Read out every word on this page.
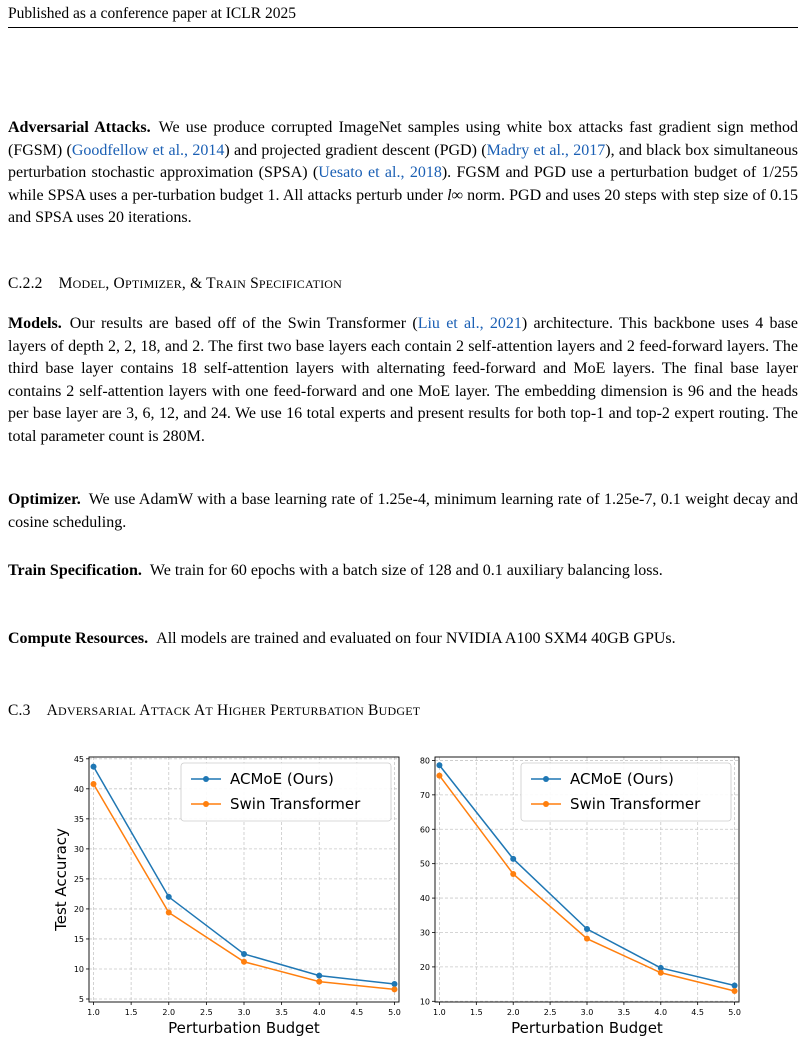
Published as a conference paper at ICLR 2025
Adversarial Attacks. We use produce corrupted ImageNet samples using white box attacks fast gradient sign method (FGSM) (Goodfellow et al., 2014) and projected gradient descent (PGD) (Madry et al., 2017), and black box simultaneous perturbation stochastic approximation (SPSA) (Uesato et al., 2018). FGSM and PGD use a perturbation budget of 1/255 while SPSA uses a per-turbation budget 1. All attacks perturb under l∞ norm. PGD and uses 20 steps with step size of 0.15 and SPSA uses 20 iterations.
C.2.2 MODEL, OPTIMIZER, & TRAIN SPECIFICATION
Models. Our results are based off of the Swin Transformer (Liu et al., 2021) architecture. This backbone uses 4 base layers of depth 2, 2, 18, and 2. The first two base layers each contain 2 self-attention layers and 2 feed-forward layers. The third base layer contains 18 self-attention layers with alternating feed-forward and MoE layers. The final base layer contains 2 self-attention layers with one feed-forward and one MoE layer. The embedding dimension is 96 and the heads per base layer are 3, 6, 12, and 24. We use 16 total experts and present results for both top-1 and top-2 expert routing. The total parameter count is 280M.
Optimizer. We use AdamW with a base learning rate of 1.25e-4, minimum learning rate of 1.25e-7, 0.1 weight decay and cosine scheduling.
Train Specification. We train for 60 epochs with a batch size of 128 and 0.1 auxiliary balancing loss.
Compute Resources. All models are trained and evaluated on four NVIDIA A100 SXM4 40GB GPUs.
C.3 ADVERSARIAL ATTACK AT HIGHER PERTURBATION BUDGET
1.0	1.5	2.0	2.5	3.0	3.5	4.0	4.5	5.0
5
10
15
20
25
30
35
40
45
Perturbation Budget
Test Accuracy
ACMoE (Ours)
Swin Transformer
1.0	1.5	2.0	2.5	3.0	3.5	4.0	4.5	5.0
10
20
30
40
50
60
70
80
Perturbation Budget
ACMoE (Ours)
Swin Transformer
